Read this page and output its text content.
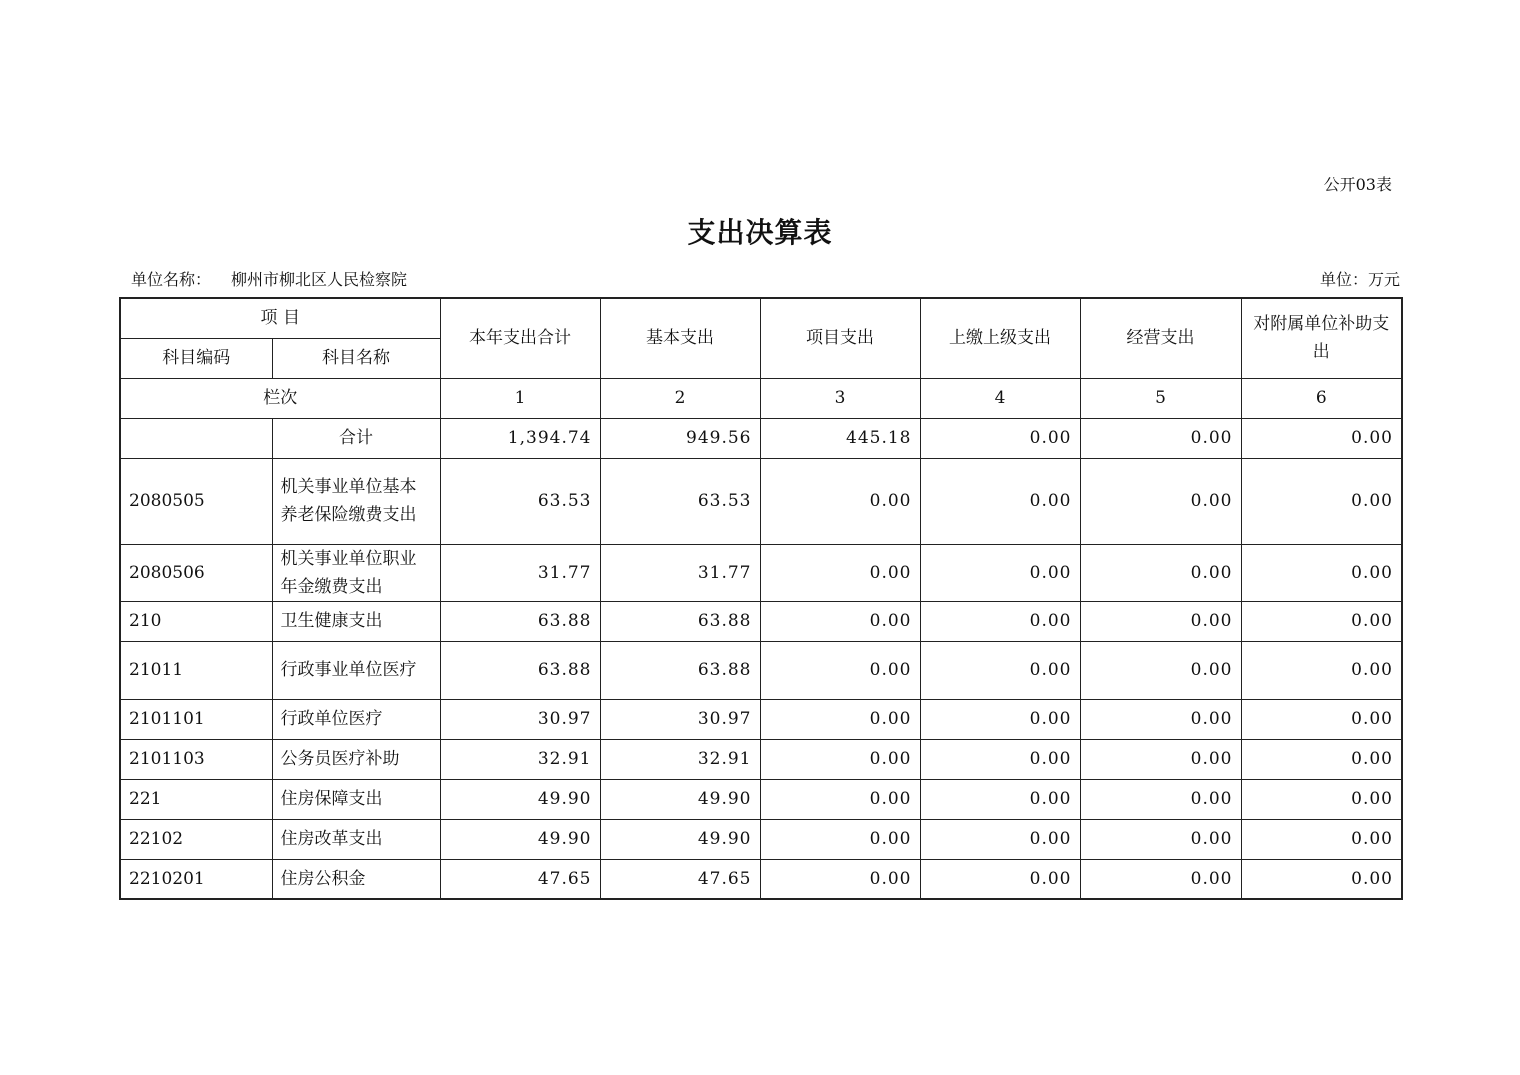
公开03表
支出决算表
单位名称： 柳州市柳北区人民检察院	单位：万元
项 目		本年支出合计	基本支出	项目支出	上缴上级支出	经营支出	对附属单位补助支出
科目编码	科目名称						
栏次		1	2	3	4	5	6
	合计	1,394.74	949.56	445.18	0.00	0.00	0.00
2080505	机关事业单位基本养老保险缴费支出	63.53	63.53	0.00	0.00	0.00	0.00
2080506	机关事业单位职业年金缴费支出	31.77	31.77	0.00	0.00	0.00	0.00
210	卫生健康支出	63.88	63.88	0.00	0.00	0.00	0.00
21011	行政事业单位医疗	63.88	63.88	0.00	0.00	0.00	0.00
2101101	行政单位医疗	30.97	30.97	0.00	0.00	0.00	0.00
2101103	公务员医疗补助	32.91	32.91	0.00	0.00	0.00	0.00
221	住房保障支出	49.90	49.90	0.00	0.00	0.00	0.00
22102	住房改革支出	49.90	49.90	0.00	0.00	0.00	0.00
2210201	住房公积金	47.65	47.65	0.00	0.00	0.00	0.00
